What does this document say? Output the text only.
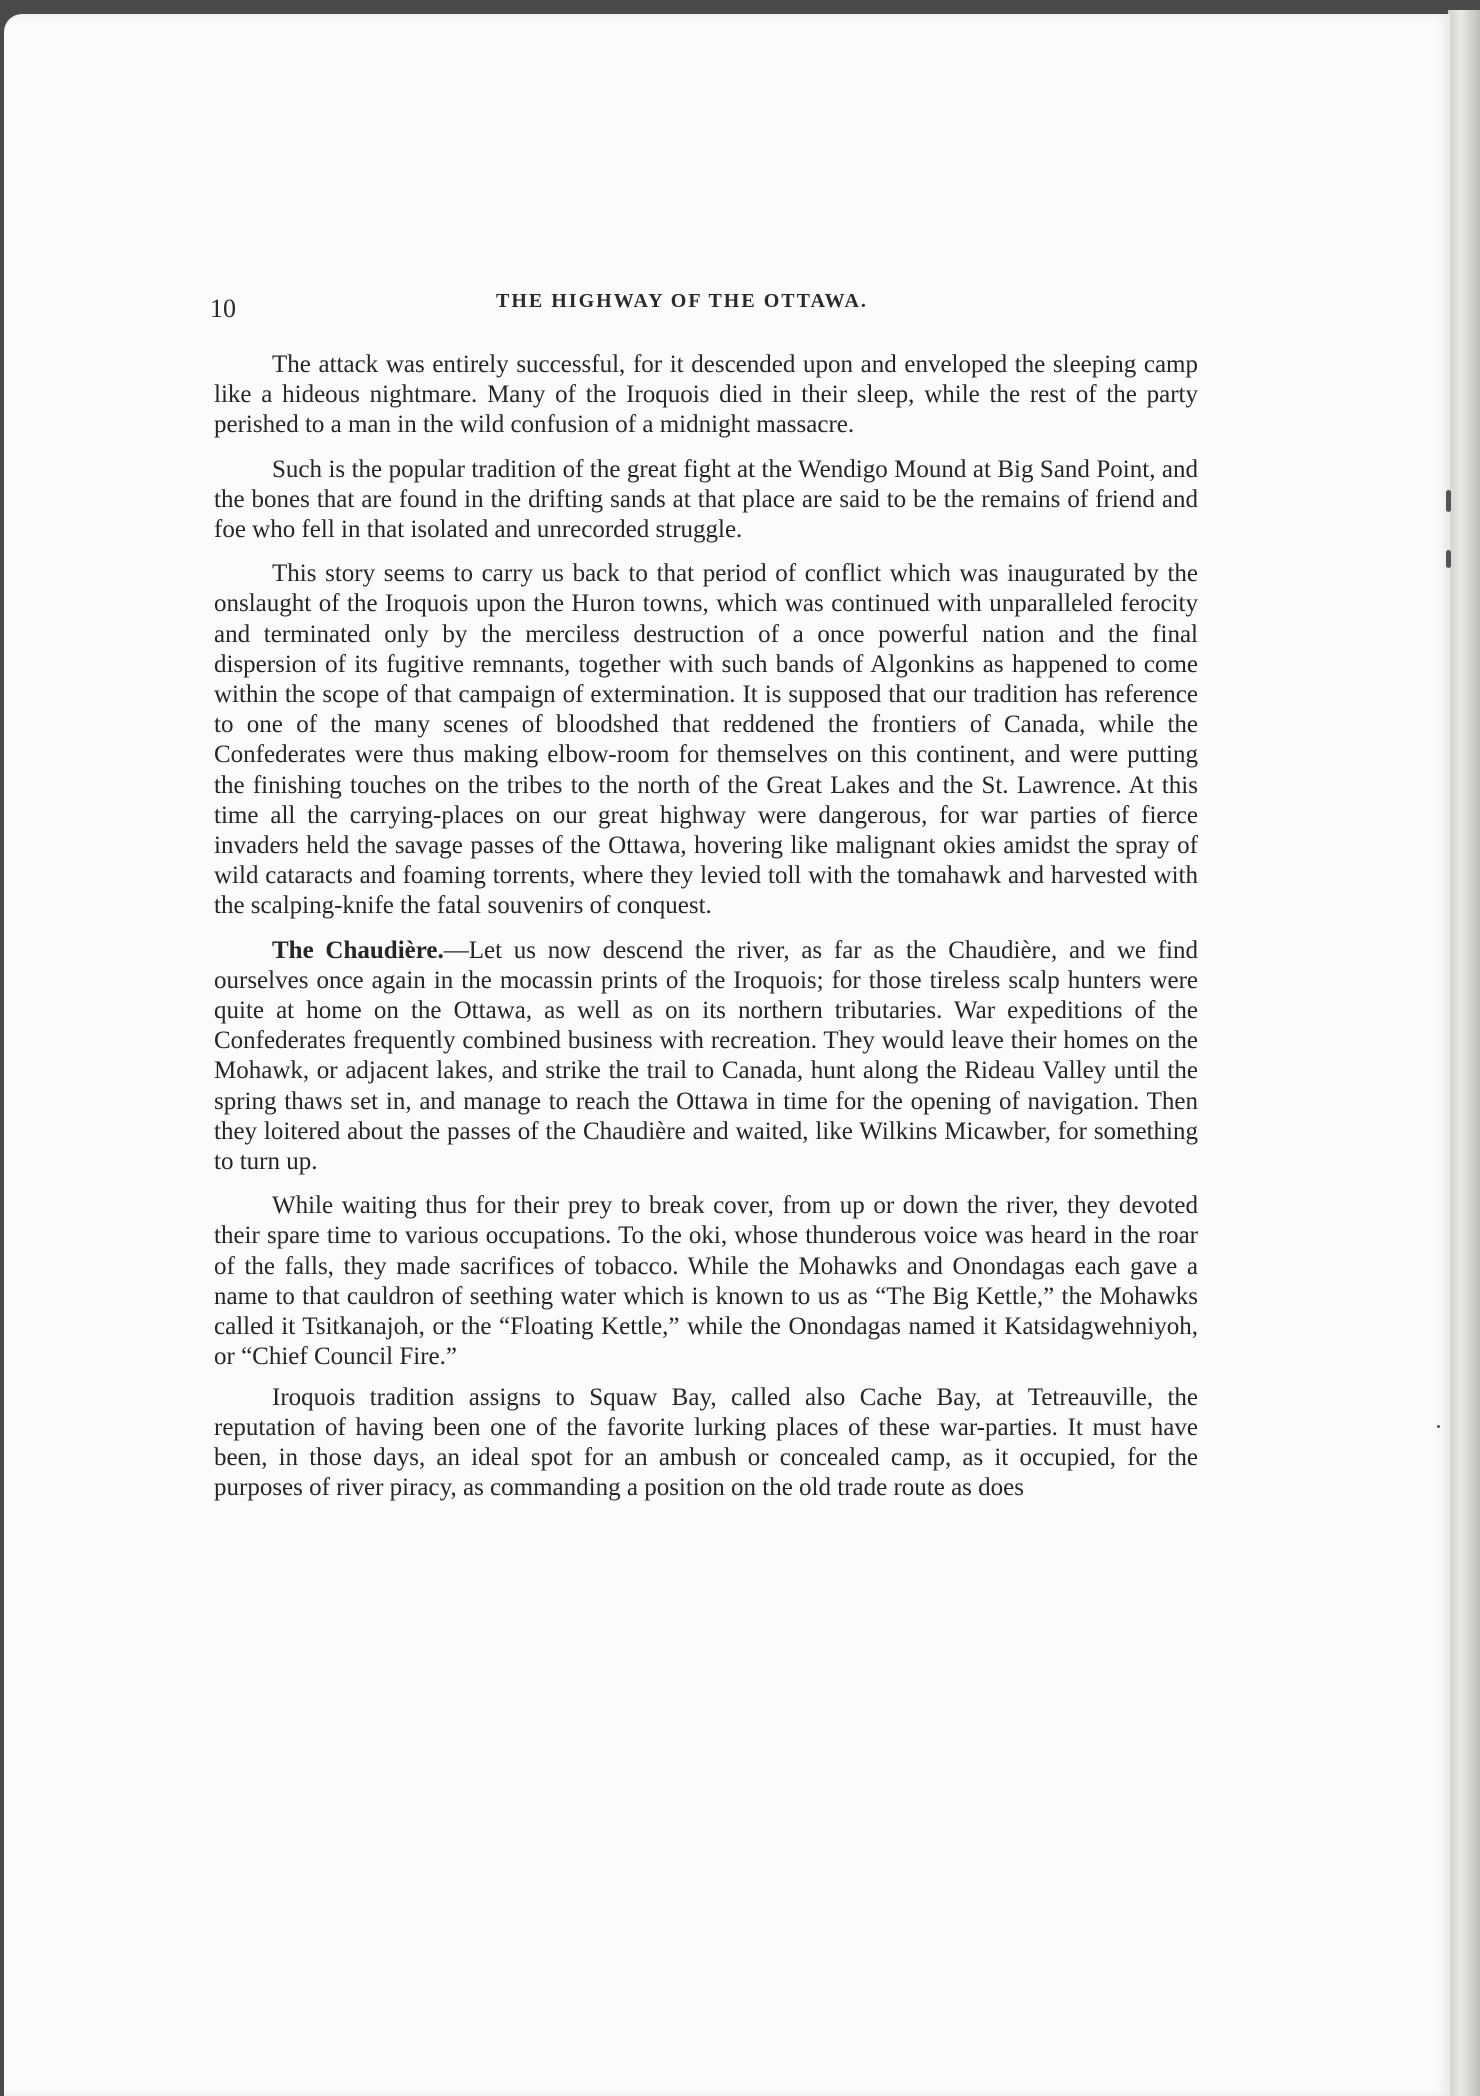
10	THE HIGHWAY OF THE OTTAWA.

The attack was entirely successful, for it descended upon and enveloped the sleeping camp like a hideous nightmare. Many of the Iroquois died in their sleep, while the rest of the party perished to a man in the wild confusion of a midnight massacre.

Such is the popular tradition of the great fight at the Wendigo Mound at Big Sand Point, and the bones that are found in the drifting sands at that place are said to be the remains of friend and foe who fell in that isolated and unrecorded struggle.

This story seems to carry us back to that period of conflict which was inaugurated by the onslaught of the Iroquois upon the Huron towns, which was continued with unparalleled ferocity and terminated only by the merciless destruction of a once powerful nation and the final dispersion of its fugitive remnants, together with such bands of Algonkins as happened to come within the scope of that campaign of extermination. It is supposed that our tradition has reference to one of the many scenes of bloodshed that reddened the frontiers of Canada, while the Confederates were thus making elbow-room for themselves on this continent, and were putting the finishing touches on the tribes to the north of the Great Lakes and the St. Lawrence. At this time all the carrying-places on our great highway were dangerous, for war parties of fierce invaders held the savage passes of the Ottawa, hovering like malignant okies amidst the spray of wild cataracts and foaming torrents, where they levied toll with the tomahawk and harvested with the scalping-knife the fatal souvenirs of conquest.

The Chaudière.—Let us now descend the river, as far as the Chaudière, and we find ourselves once again in the mocassin prints of the Iroquois; for those tireless scalp hunters were quite at home on the Ottawa, as well as on its northern tributaries. War expeditions of the Confederates frequently combined business with recreation. They would leave their homes on the Mohawk, or adjacent lakes, and strike the trail to Canada, hunt along the Rideau Valley until the spring thaws set in, and manage to reach the Ottawa in time for the opening of navigation. Then they loitered about the passes of the Chaudière and waited, like Wilkins Micawber, for something to turn up.

While waiting thus for their prey to break cover, from up or down the river, they devoted their spare time to various occupations. To the oki, whose thunderous voice was heard in the roar of the falls, they made sacrifices of tobacco. While the Mohawks and Onondagas each gave a name to that cauldron of seething water which is known to us as “The Big Kettle,” the Mohawks called it Tsitkanajoh, or the “Floating Kettle,” while the Onondagas named it Katsidagwehniyoh, or “Chief Council Fire.”

Iroquois tradition assigns to Squaw Bay, called also Cache Bay, at Tetreauville, the reputation of having been one of the favorite lurking places of these war-parties. It must have been, in those days, an ideal spot for an ambush or concealed camp, as it occupied, for the purposes of river piracy, as commanding a position on the old trade route as does
